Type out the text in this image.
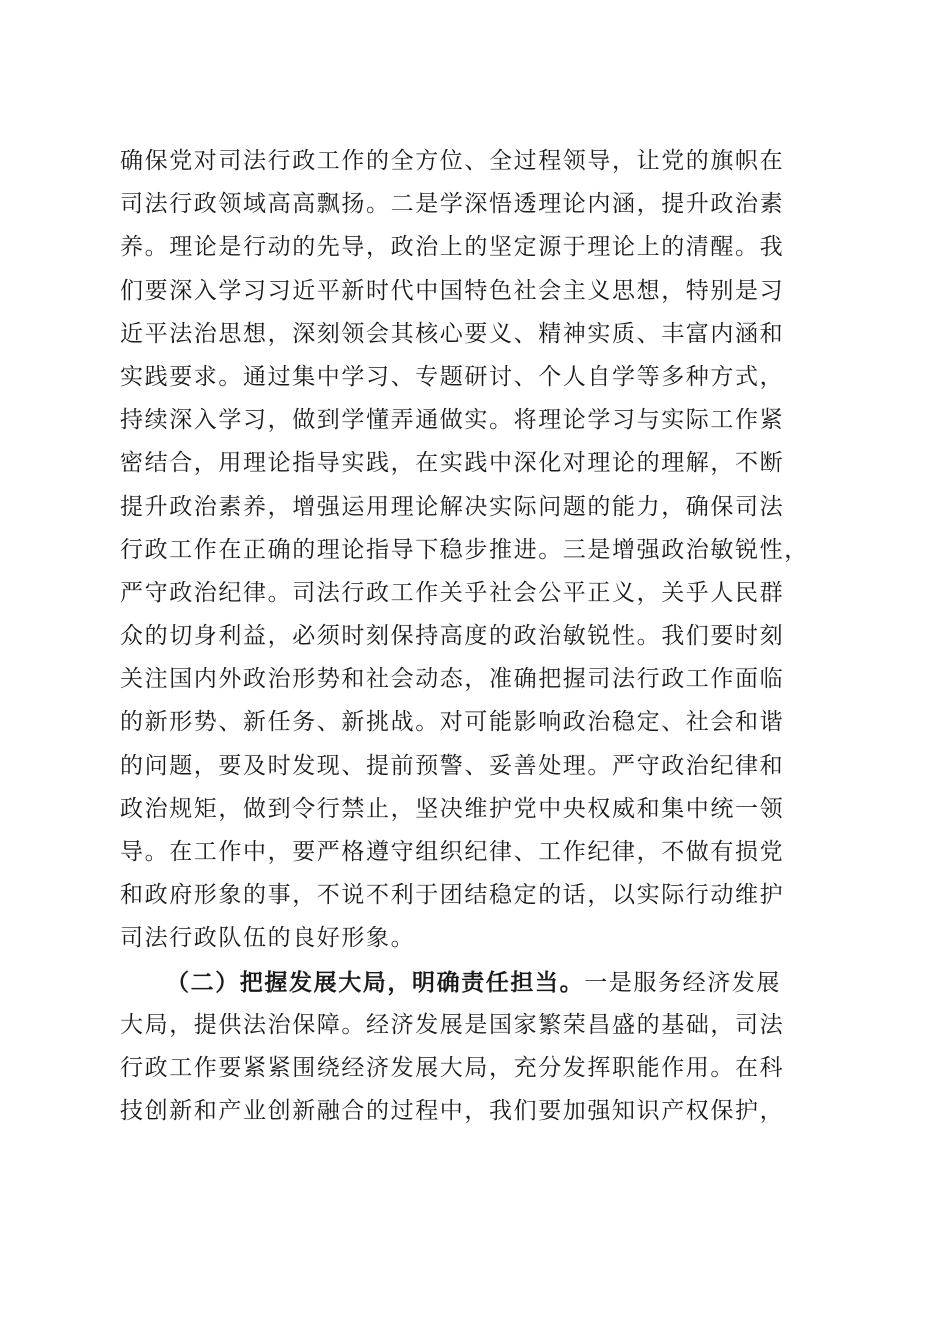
确保党对司法行政工作的全方位、全过程领导，让党的旗帜在
司法行政领域高高飘扬。二是学深悟透理论内涵，提升政治素
养。理论是行动的先导，政治上的坚定源于理论上的清醒。我
们要深入学习习近平新时代中国特色社会主义思想，特别是习
近平法治思想，深刻领会其核心要义、精神实质、丰富内涵和
实践要求。通过集中学习、专题研讨、个人自学等多种方式，
持续深入学习，做到学懂弄通做实。将理论学习与实际工作紧
密结合，用理论指导实践，在实践中深化对理论的理解，不断
提升政治素养，增强运用理论解决实际问题的能力，确保司法
行政工作在正确的理论指导下稳步推进。三是增强政治敏锐性，
严守政治纪律。司法行政工作关乎社会公平正义，关乎人民群
众的切身利益，必须时刻保持高度的政治敏锐性。我们要时刻
关注国内外政治形势和社会动态，准确把握司法行政工作面临
的新形势、新任务、新挑战。对可能影响政治稳定、社会和谐
的问题，要及时发现、提前预警、妥善处理。严守政治纪律和
政治规矩，做到令行禁止，坚决维护党中央权威和集中统一领
导。在工作中，要严格遵守组织纪律、工作纪律，不做有损党
和政府形象的事，不说不利于团结稳定的话，以实际行动维护
司法行政队伍的良好形象。
（二）把握发展大局，明确责任担当。一是服务经济发展
大局，提供法治保障。经济发展是国家繁荣昌盛的基础，司法
行政工作要紧紧围绕经济发展大局，充分发挥职能作用。在科
技创新和产业创新融合的过程中，我们要加强知识产权保护，
